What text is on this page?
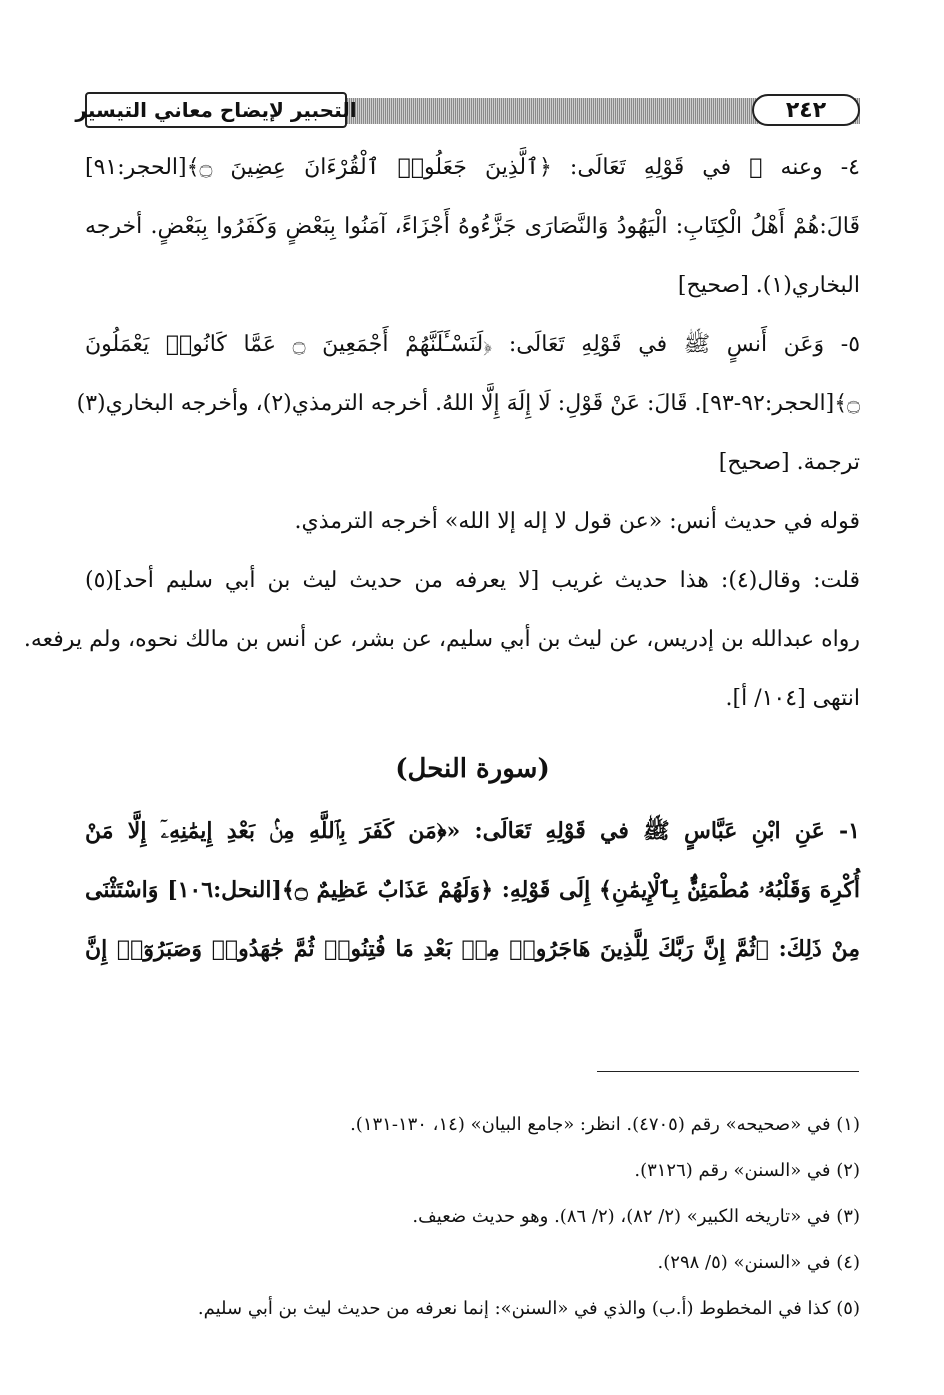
التحبير لإيضاح معاني التيسير	٢٤٢
٤- وعنه ﷺ في قَوْلِهِ تَعَالَى: ﴿ٱلَّذِينَ جَعَلُوا۟ ٱلْقُرْءَانَ عِضِينَ ۝﴾[الحجر:٩١]
قَالَ:هُمْ أَهْلُ الْكِتَابِ: الْيَهُودُ وَالنَّصَارَى جَزَّءُوهُ أَجْزَاءً، آمَنُوا بِبَعْضٍ وَكَفَرُوا بِبَعْضٍ. أخرجه
البخاري(١). [صحيح]
٥- وَعَن أَنسٍ ﷺ في قَوْلِهِ تَعَالَى: ﴿لَنَسْـَٔلَنَّهُمْ أَجْمَعِينَ ۝ عَمَّا كَانُوا۟ يَعْمَلُونَ
۝﴾[الحجر:٩٢-٩٣]. قَالَ: عَنْ قَوْلِ: لَا إِلَهَ إِلَّا اللهُ. أخرجه الترمذي(٢)، وأخرجه البخاري(٣)
ترجمة. [صحيح]
قوله في حديث أنس: «عن قول لا إله إلا الله» أخرجه الترمذي.
قلت: وقال(٤): هذا حديث غريب [لا يعرفه من حديث ليث بن أبي سليم أحد](٥)
رواه عبدالله بن إدريس، عن ليث بن أبي سليم، عن بشر، عن أنس بن مالك نحوه، ولم يرفعه.
انتهى [١٠٤/ أ].
(سورة النحل)
١- عَنِ ابْنِ عَبَّاسٍ ﷺ في قَوْلِهِ تَعَالَى: «﴿مَن كَفَرَ بِٱللَّهِ مِنۢ بَعْدِ إِيمَٰنِهِۦٓ إِلَّا مَنْ
أُكْرِهَ وَقَلْبُهُۥ مُطْمَئِنٌّۢ بِٱلْإِيمَٰنِ﴾ إِلَى قَوْلِهِ: ﴿وَلَهُمْ عَذَابٌ عَظِيمٌ ۝﴾[النحل:١٠٦] وَاسْتَثْنَى
مِنْ ذَلِكَ: ﴿ثُمَّ إِنَّ رَبَّكَ لِلَّذِينَ هَاجَرُوا۟ مِنۢ بَعْدِ مَا فُتِنُوا۟ ثُمَّ جَٰهَدُوا۟ وَصَبَرُوٓا۟ إِنَّ
(١) في «صحيحه» رقم (٤٧٠٥). انظر: «جامع البيان» (١٤، ١٣٠-١٣١).
(٢) في «السنن» رقم (٣١٢٦).
(٣) في «تاريخه الكبير» (٢/ ٨٢)، (٢/ ٨٦). وهو حديث ضعيف.
(٤) في «السنن» (٥/ ٢٩٨).
(٥) كذا في المخطوط (أ.ب) والذي في «السنن»: إنما نعرفه من حديث ليث بن أبي سليم.
